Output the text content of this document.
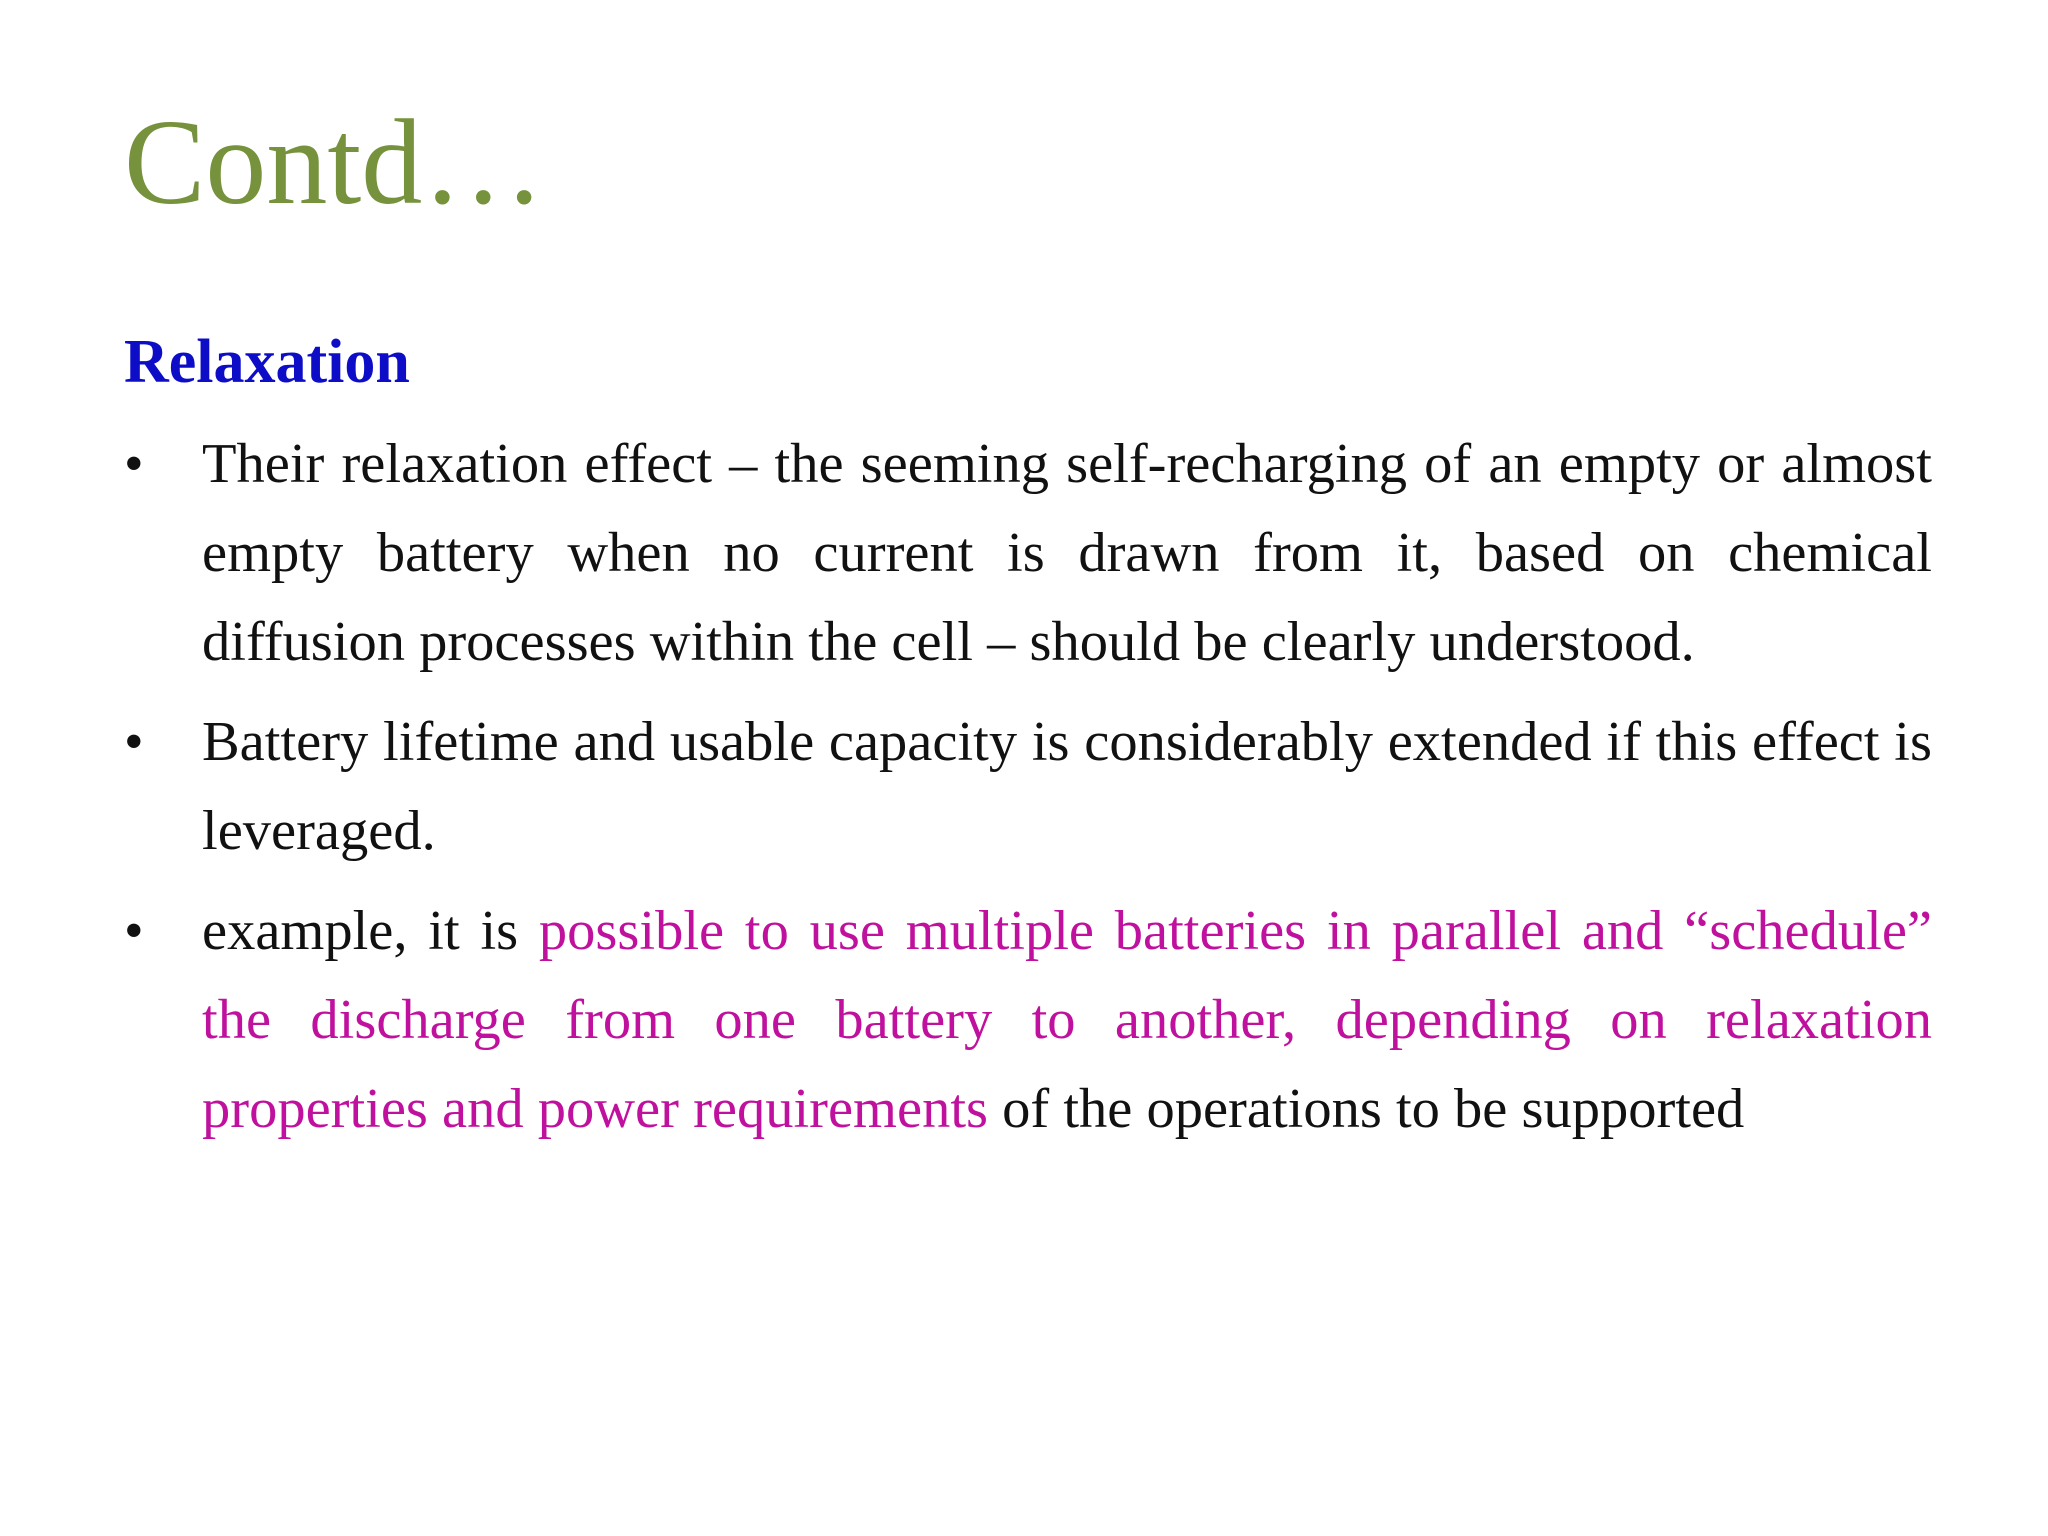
Contd…
Relaxation
•	Their relaxation effect – the seeming self-recharging of an empty or almost empty battery when no current is drawn from it, based on chemical diffusion processes within the cell – should be clearly understood.
•	Battery lifetime and usable capacity is considerably extended if this effect is leveraged.
•	example, it is possible to use multiple batteries in parallel and “schedule” the discharge from one battery to another, depending on relaxation properties and power requirements of the operations to be supported
